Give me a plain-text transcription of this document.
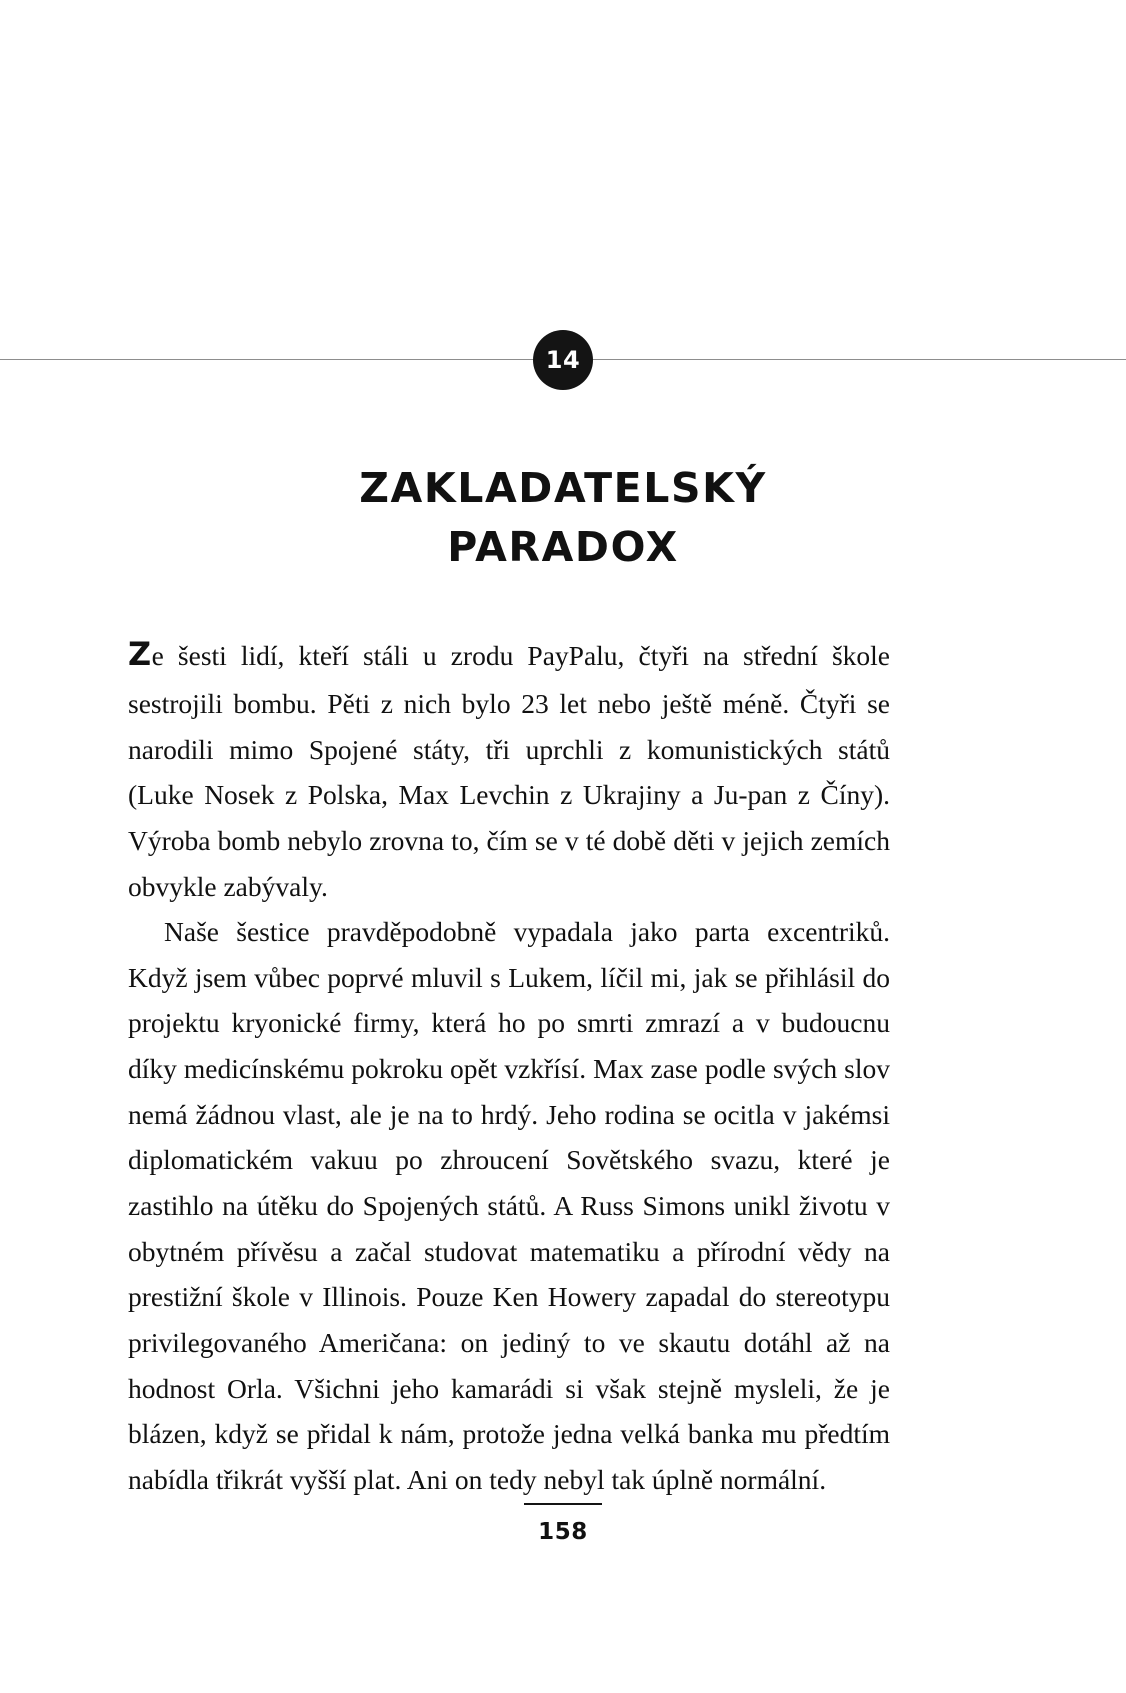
14
ZAKLADATELSKÝ
PARADOX

Ze šesti lidí, kteří stáli u zrodu PayPalu, čtyři na střední škole sestrojili bombu. Pěti z nich bylo 23 let nebo ještě méně. Čtyři se narodili mimo Spojené státy, tři uprchli z komunistických států (Luke Nosek z Polska, Max Levchin z Ukrajiny a Ju-pan z Číny). Výroba bomb nebylo zrovna to, čím se v té době děti v jejich zemích obvykle zabývaly.

Naše šestice pravděpodobně vypadala jako parta excentriků. Když jsem vůbec poprvé mluvil s Lukem, líčil mi, jak se přihlásil do projektu kryonické firmy, která ho po smrti zmrazí a v budoucnu díky medicínskému pokroku opět vzkřísí. Max zase podle svých slov nemá žádnou vlast, ale je na to hrdý. Jeho rodina se ocitla v jakémsi diplomatickém vakuu po zhroucení Sovětského svazu, které je zastihlo na útěku do Spojených států. A Russ Simons unikl životu v obytném přívěsu a začal studovat matematiku a přírodní vědy na prestižní škole v Illinois. Pouze Ken Howery zapadal do stereotypu privilegovaného Američana: on jediný to ve skautu dotáhl až na hodnost Orla. Všichni jeho kamarádi si však stejně mysleli, že je blázen, když se přidal k nám, protože jedna velká banka mu předtím nabídla třikrát vyšší plat. Ani on tedy nebyl tak úplně normální.

158
